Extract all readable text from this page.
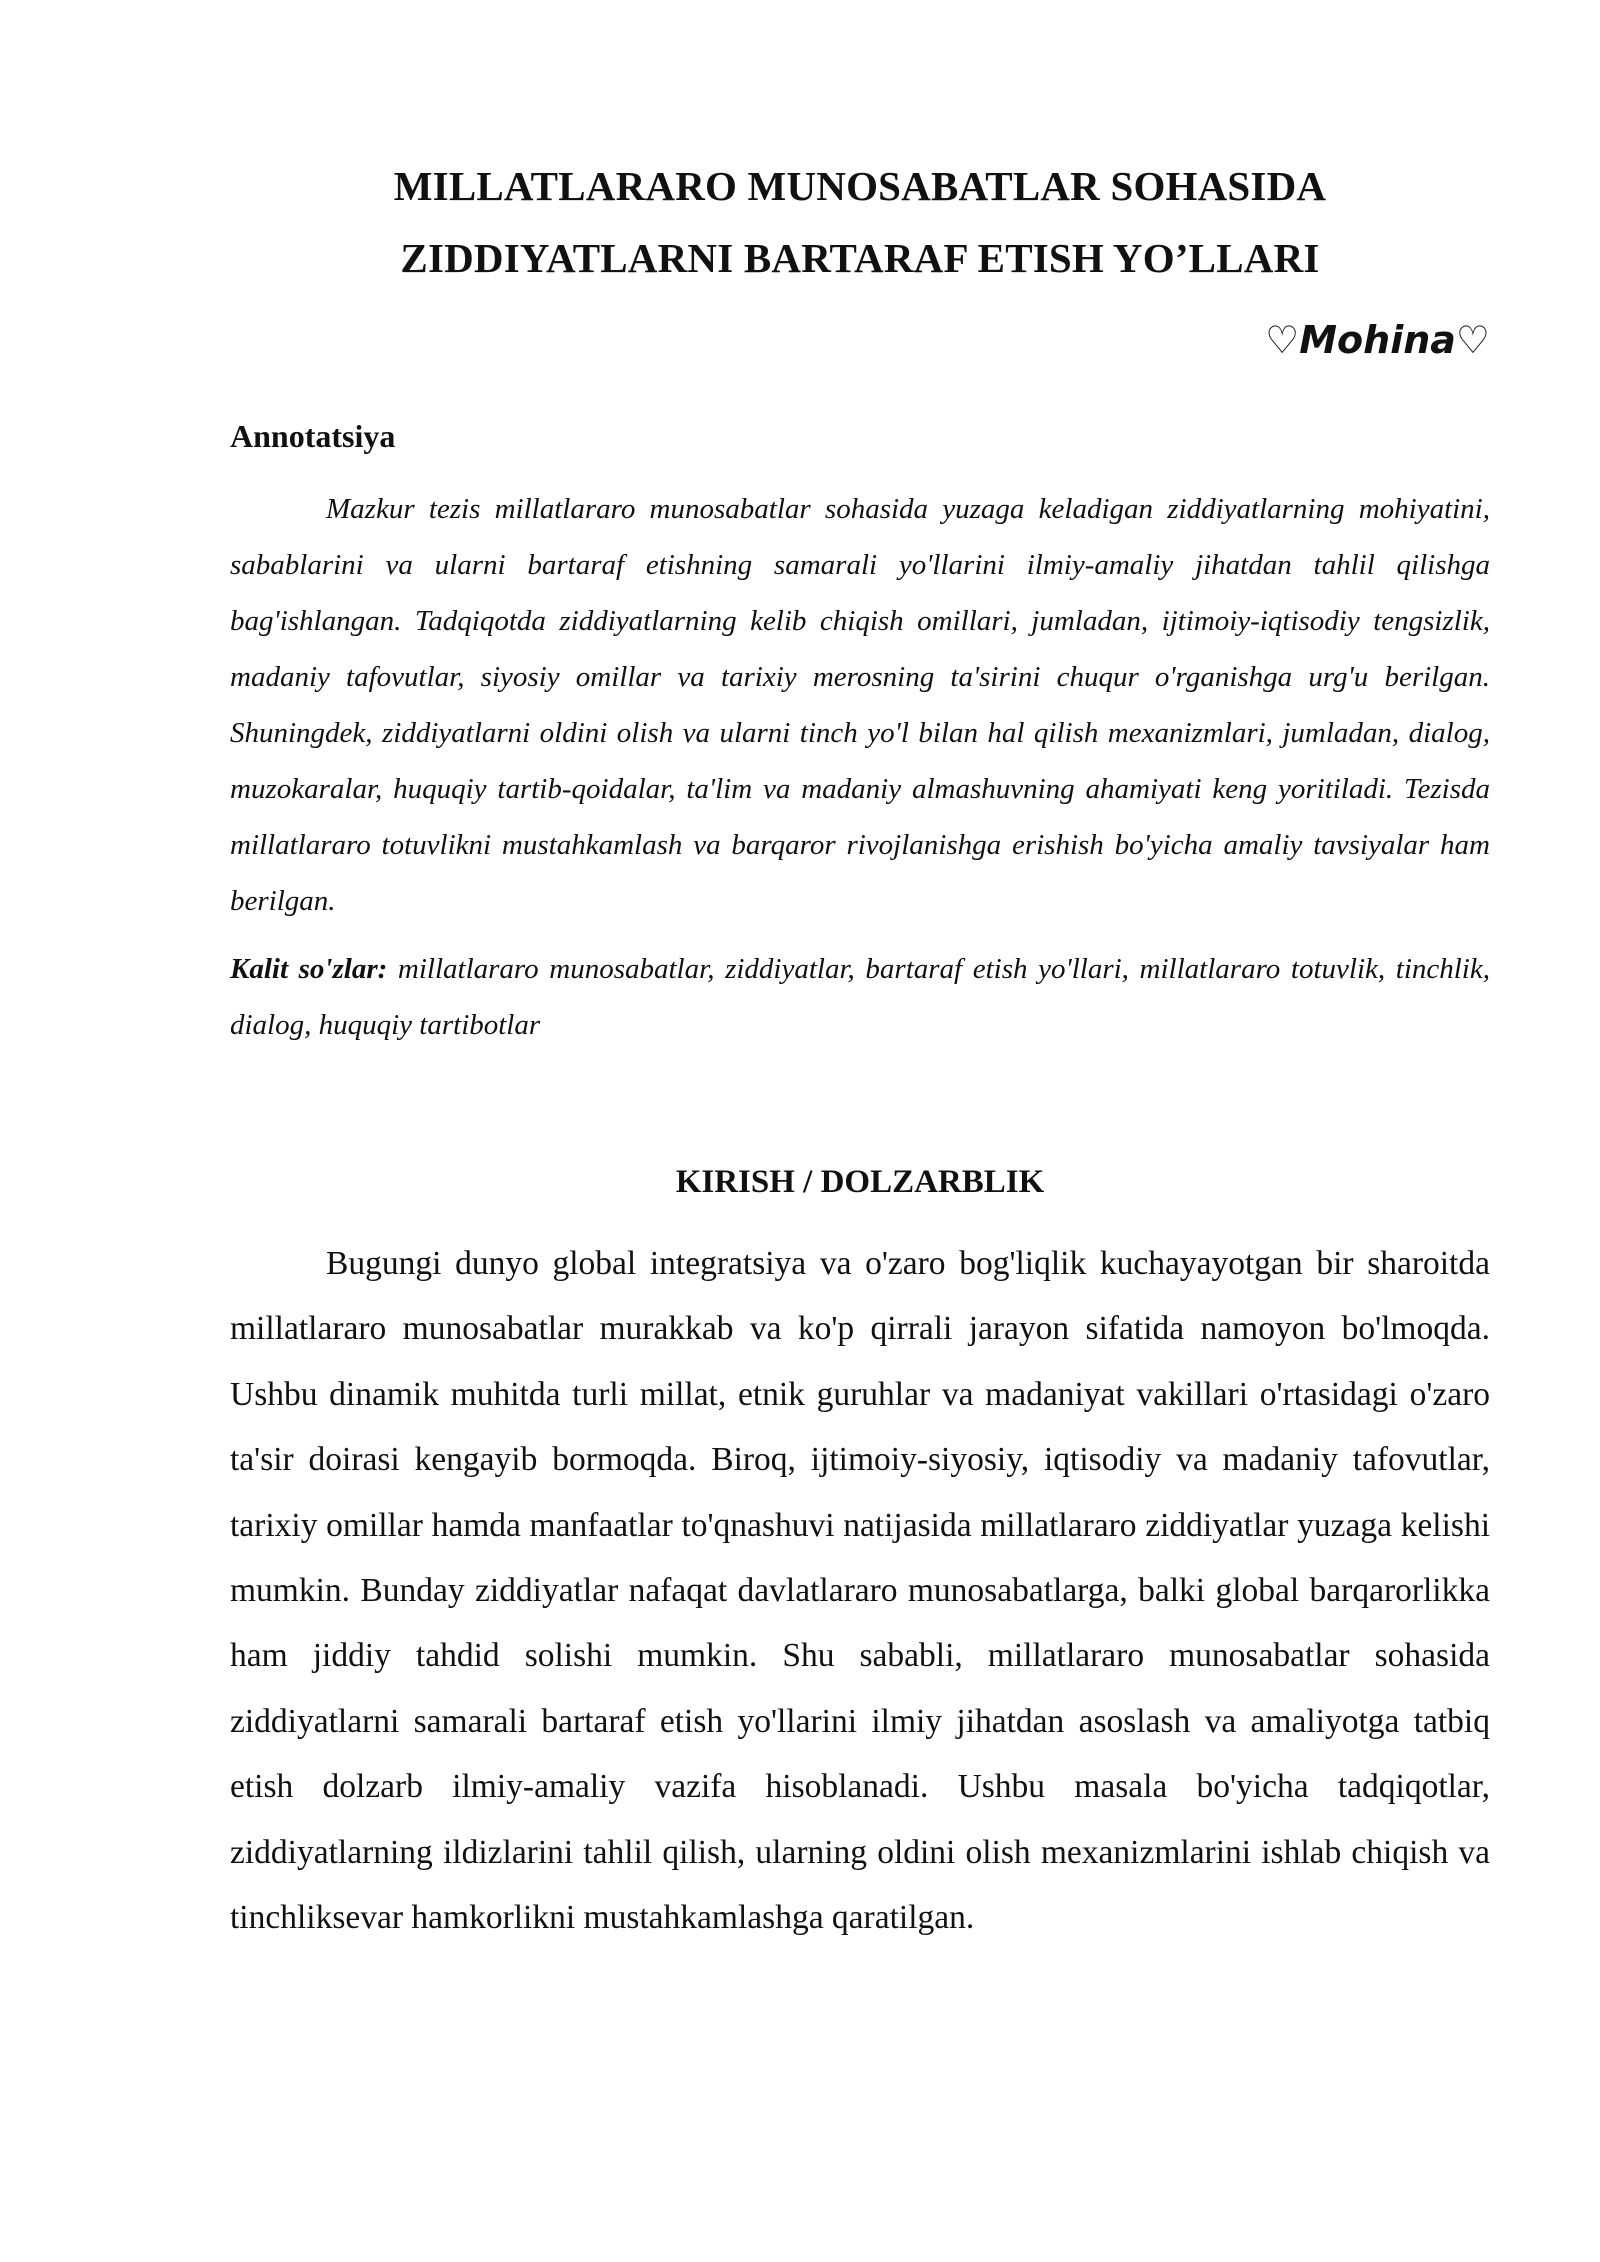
MILLATLARARO MUNOSABATLAR SOHASIDA
ZIDDIYATLARNI BARTARAF ETISH YO’LLARI
♡Mohina♡
Annotatsiya

Mazkur tezis millatlararo munosabatlar sohasida yuzaga keladigan ziddiyatlarning mohiyatini, sabablarini va ularni bartaraf etishning samarali yo'llarini ilmiy-amaliy jihatdan tahlil qilishga bag'ishlangan. Tadqiqotda ziddiyatlarning kelib chiqish omillari, jumladan, ijtimoiy-iqtisodiy tengsizlik, madaniy tafovutlar, siyosiy omillar va tarixiy merosning ta'sirini chuqur o'rganishga urg'u berilgan. Shuningdek, ziddiyatlarni oldini olish va ularni tinch yo'l bilan hal qilish mexanizmlari, jumladan, dialog, muzokaralar, huquqiy tartib-qoidalar, ta'lim va madaniy almashuvning ahamiyati keng yoritiladi. Tezisda millatlararo totuvlikni mustahkamlash va barqaror rivojlanishga erishish bo'yicha amaliy tavsiyalar ham berilgan.

Kalit so'zlar: millatlararo munosabatlar, ziddiyatlar, bartaraf etish yo'llari, millatlararo totuvlik, tinchlik, dialog, huquqiy tartibotlar

KIRISH / DOLZARBLIK

Bugungi dunyo global integratsiya va o'zaro bog'liqlik kuchayayotgan bir sharoitda millatlararo munosabatlar murakkab va ko'p qirrali jarayon sifatida namoyon bo'lmoqda. Ushbu dinamik muhitda turli millat, etnik guruhlar va madaniyat vakillari o'rtasidagi o'zaro ta'sir doirasi kengayib bormoqda. Biroq, ijtimoiy-siyosiy, iqtisodiy va madaniy tafovutlar, tarixiy omillar hamda manfaatlar to'qnashuvi natijasida millatlararo ziddiyatlar yuzaga kelishi mumkin. Bunday ziddiyatlar nafaqat davlatlararo munosabatlarga, balki global barqarorlikka ham jiddiy tahdid solishi mumkin. Shu sababli, millatlararo munosabatlar sohasida ziddiyatlarni samarali bartaraf etish yo'llarini ilmiy jihatdan asoslash va amaliyotga tatbiq etish dolzarb ilmiy-amaliy vazifa hisoblanadi. Ushbu masala bo'yicha tadqiqotlar, ziddiyatlarning ildizlarini tahlil qilish, ularning oldini olish mexanizmlarini ishlab chiqish va tinchliksevar hamkorlikni mustahkamlashga qaratilgan.
